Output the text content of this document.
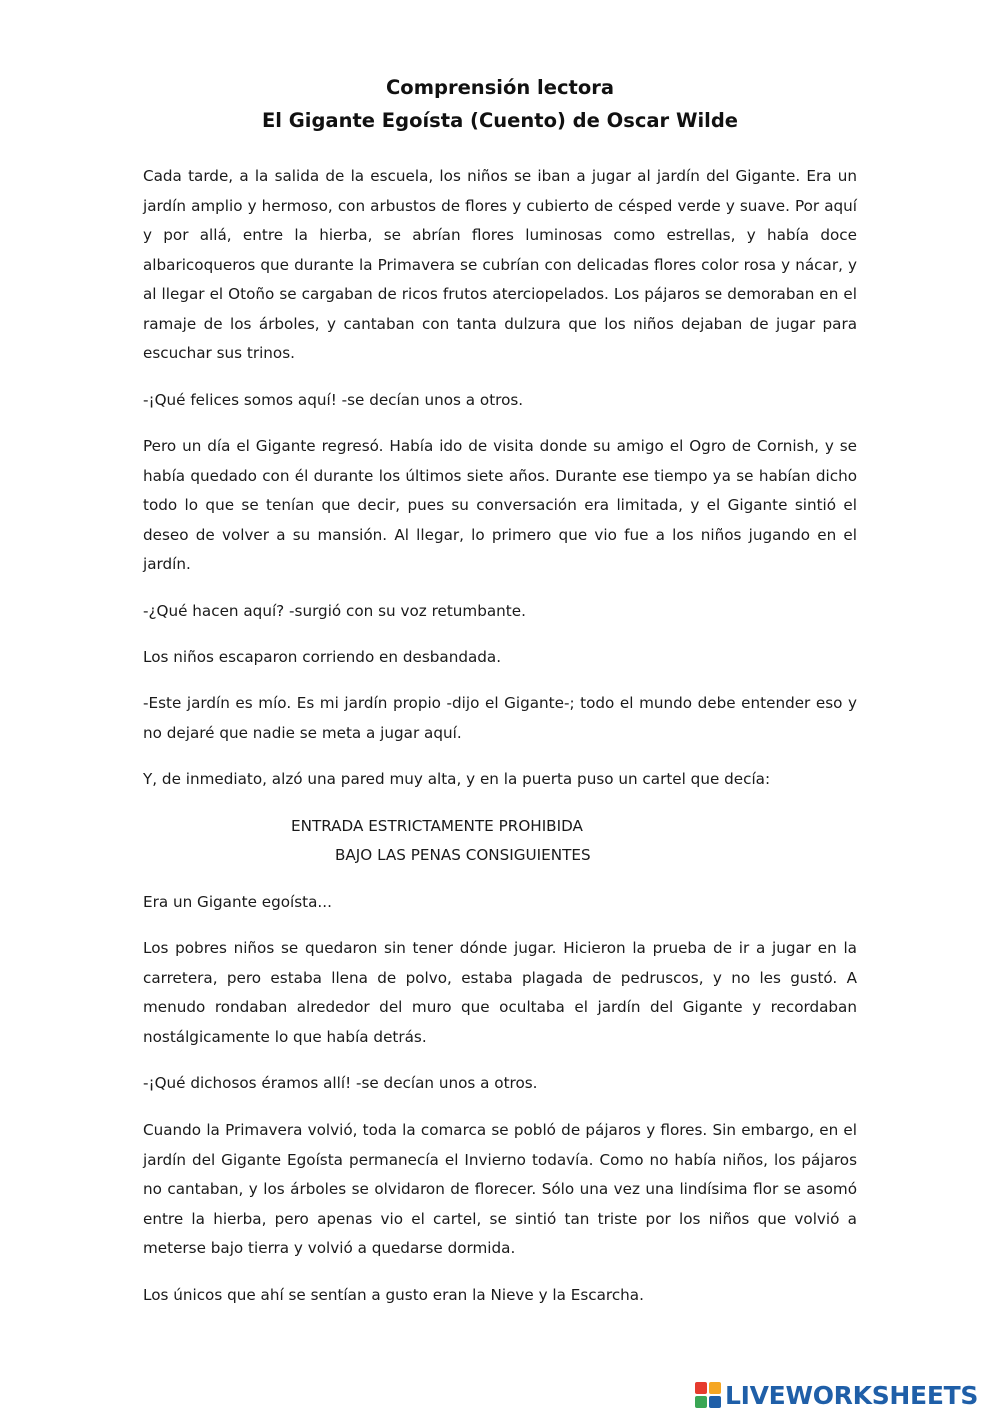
Comprensión lectora
El Gigante Egoísta (Cuento) de Oscar Wilde
Cada tarde, a la salida de la escuela, los niños se iban a jugar al jardín del Gigante. Era un jardín amplio y hermoso, con arbustos de flores y cubierto de césped verde y suave. Por aquí y por allá, entre la hierba, se abrían flores luminosas como estrellas, y había doce albaricoqueros que durante la Primavera se cubrían con delicadas flores color rosa y nácar, y al llegar el Otoño se cargaban de ricos frutos aterciopelados. Los pájaros se demoraban en el ramaje de los árboles, y cantaban con tanta dulzura que los niños dejaban de jugar para escuchar sus trinos.
-¡Qué felices somos aquí! -se decían unos a otros.
Pero un día el Gigante regresó. Había ido de visita donde su amigo el Ogro de Cornish, y se había quedado con él durante los últimos siete años. Durante ese tiempo ya se habían dicho todo lo que se tenían que decir, pues su conversación era limitada, y el Gigante sintió el deseo de volver a su mansión. Al llegar, lo primero que vio fue a los niños jugando en el jardín.
-¿Qué hacen aquí? -surgió con su voz retumbante.
Los niños escaparon corriendo en desbandada.
-Este jardín es mío. Es mi jardín propio -dijo el Gigante-; todo el mundo debe entender eso y no dejaré que nadie se meta a jugar aquí.
Y, de inmediato, alzó una pared muy alta, y en la puerta puso un cartel que decía:
ENTRADA ESTRICTAMENTE PROHIBIDA
BAJO LAS PENAS CONSIGUIENTES
Era un Gigante egoísta...
Los pobres niños se quedaron sin tener dónde jugar. Hicieron la prueba de ir a jugar en la carretera, pero estaba llena de polvo, estaba plagada de pedruscos, y no les gustó. A menudo rondaban alrededor del muro que ocultaba el jardín del Gigante y recordaban nostálgicamente lo que había detrás.
-¡Qué dichosos éramos allí! -se decían unos a otros.
Cuando la Primavera volvió, toda la comarca se pobló de pájaros y flores. Sin embargo, en el jardín del Gigante Egoísta permanecía el Invierno todavía. Como no había niños, los pájaros no cantaban, y los árboles se olvidaron de florecer. Sólo una vez una lindísima flor se asomó entre la hierba, pero apenas vio el cartel, se sintió tan triste por los niños que volvió a meterse bajo tierra y volvió a quedarse dormida.
Los únicos que ahí se sentían a gusto eran la Nieve y la Escarcha.
LIVEWORKSHEETS
